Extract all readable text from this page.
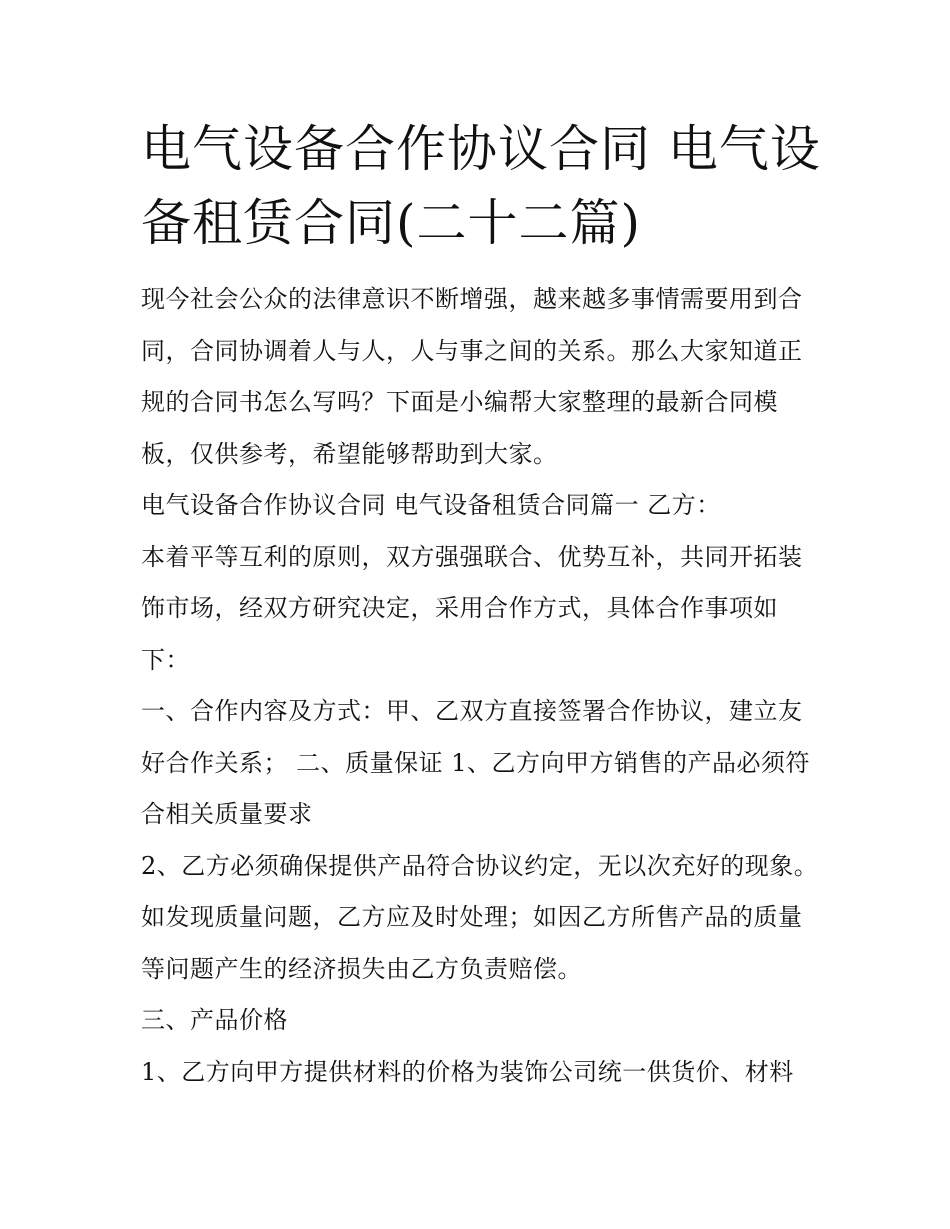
电气设备合作协议合同 电气设备租赁合同(二十二篇)

现今社会公众的法律意识不断增强，越来越多事情需要用到合同，合同协调着人与人，人与事之间的关系。那么大家知道正规的合同书怎么写吗？下面是小编帮大家整理的最新合同模板，仅供参考，希望能够帮助到大家。

电气设备合作协议合同 电气设备租赁合同篇一 乙方：

本着平等互利的原则，双方强强联合、优势互补，共同开拓装饰市场，经双方研究决定，采用合作方式，具体合作事项如下：

一、合作内容及方式：甲、乙双方直接签署合作协议，建立友好合作关系； 二、质量保证 1、乙方向甲方销售的产品必须符合相关质量要求

2、乙方必须确保提供产品符合协议约定，无以次充好的现象。如发现质量问题，乙方应及时处理；如因乙方所售产品的质量等问题产生的经济损失由乙方负责赔偿。

三、产品价格

1、乙方向甲方提供材料的价格为装饰公司统一供货价、材料
